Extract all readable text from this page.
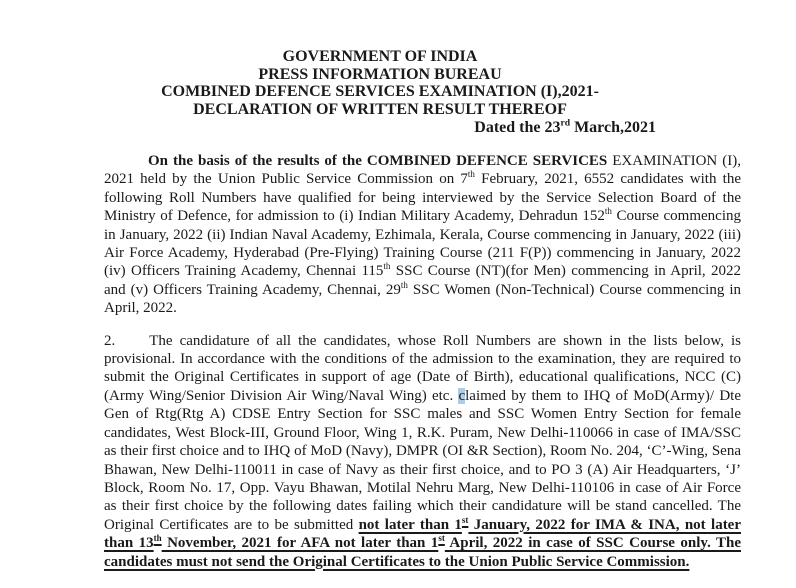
GOVERNMENT OF INDIA
PRESS INFORMATION BUREAU
COMBINED DEFENCE SERVICES EXAMINATION (I),2021-
DECLARATION OF WRITTEN RESULT THEREOF
Dated the 23rd March,2021

On the basis of the results of the COMBINED DEFENCE SERVICES EXAMINATION (I), 2021 held by the Union Public Service Commission on 7th February, 2021, 6552 candidates with the following Roll Numbers have qualified for being interviewed by the Service Selection Board of the Ministry of Defence, for admission to (i) Indian Military Academy, Dehradun 152th Course commencing in January, 2022 (ii) Indian Naval Academy, Ezhimala, Kerala, Course commencing in January, 2022 (iii) Air Force Academy, Hyderabad (Pre-Flying) Training Course (211 F(P)) commencing in January, 2022 (iv) Officers Training Academy, Chennai 115th SSC Course (NT)(for Men) commencing in April, 2022 and (v) Officers Training Academy, Chennai, 29th SSC Women (Non-Technical) Course commencing in April, 2022.

2. The candidature of all the candidates, whose Roll Numbers are shown in the lists below, is provisional. In accordance with the conditions of the admission to the examination, they are required to submit the Original Certificates in support of age (Date of Birth), educational qualifications, NCC (C) (Army Wing/Senior Division Air Wing/Naval Wing) etc. claimed by them to IHQ of MoD(Army)/ Dte Gen of Rtg(Rtg A) CDSE Entry Section for SSC males and SSC Women Entry Section for female candidates, West Block-III, Ground Floor, Wing 1, R.K. Puram, New Delhi-110066 in case of IMA/SSC as their first choice and to IHQ of MoD (Navy), DMPR (OI &R Section), Room No. 204, ‘C’-Wing, Sena Bhawan, New Delhi-110011 in case of Navy as their first choice, and to PO 3 (A) Air Headquarters, ‘J’ Block, Room No. 17, Opp. Vayu Bhawan, Motilal Nehru Marg, New Delhi-110106 in case of Air Force as their first choice by the following dates failing which their candidature will be stand cancelled. The Original Certificates are to be submitted not later than 1st January, 2022 for IMA & INA, not later than 13th November, 2021 for AFA not later than 1st April, 2022 in case of SSC Course only. The candidates must not send the Original Certificates to the Union Public Service Commission.
